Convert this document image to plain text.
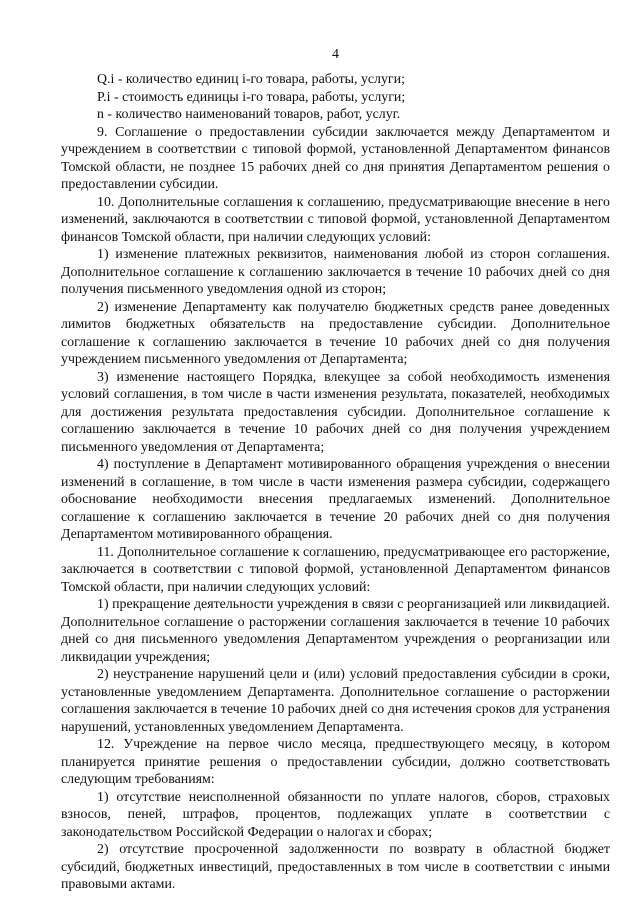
4

Q.i - количество единиц i-го товара, работы, услуги;

P.i - стоимость единицы i-го товара, работы, услуги;

n - количество наименований товаров, работ, услуг.

9. Соглашение о предоставлении субсидии заключается между Департаментом и учреждением в соответствии с типовой формой, установленной Департаментом финансов Томской области, не позднее 15 рабочих дней со дня принятия Департаментом решения о предоставлении субсидии.

10. Дополнительные соглашения к соглашению, предусматривающие внесение в него изменений, заключаются в соответствии с типовой формой, установленной Департаментом финансов Томской области, при наличии следующих условий:

1) изменение платежных реквизитов, наименования любой из сторон соглашения. Дополнительное соглашение к соглашению заключается в течение 10 рабочих дней со дня получения письменного уведомления одной из сторон;

2) изменение Департаменту как получателю бюджетных средств ранее доведенных лимитов бюджетных обязательств на предоставление субсидии. Дополнительное соглашение к соглашению заключается в течение 10 рабочих дней со дня получения учреждением письменного уведомления от Департамента;

3) изменение настоящего Порядка, влекущее за собой необходимость изменения условий соглашения, в том числе в части изменения результата, показателей, необходимых для достижения результата предоставления субсидии. Дополнительное соглашение к соглашению заключается в течение 10 рабочих дней со дня получения учреждением письменного уведомления от Департамента;

4) поступление в Департамент мотивированного обращения учреждения о внесении изменений в соглашение, в том числе в части изменения размера субсидии, содержащего обоснование необходимости внесения предлагаемых изменений. Дополнительное соглашение к соглашению заключается в течение 20 рабочих дней со дня получения Департаментом мотивированного обращения.

11. Дополнительное соглашение к соглашению, предусматривающее его расторжение, заключается в соответствии с типовой формой, установленной Департаментом финансов Томской области, при наличии следующих условий:

1) прекращение деятельности учреждения в связи с реорганизацией или ликвидацией. Дополнительное соглашение о расторжении соглашения заключается в течение 10 рабочих дней со дня письменного уведомления Департаментом учреждения о реорганизации или ликвидации учреждения;

2) неустранение нарушений цели и (или) условий предоставления субсидии в сроки, установленные уведомлением Департамента. Дополнительное соглашение о расторжении соглашения заключается в течение 10 рабочих дней со дня истечения сроков для устранения нарушений, установленных уведомлением Департамента.

12. Учреждение на первое число месяца, предшествующего месяцу, в котором планируется принятие решения о предоставлении субсидии, должно соответствовать следующим требованиям:

1) отсутствие неисполненной обязанности по уплате налогов, сборов, страховых взносов, пеней, штрафов, процентов, подлежащих уплате в соответствии с законодательством Российской Федерации о налогах и сборах;

2) отсутствие просроченной задолженности по возврату в областной бюджет субсидий, бюджетных инвестиций, предоставленных в том числе в соответствии с иными правовыми актами.
